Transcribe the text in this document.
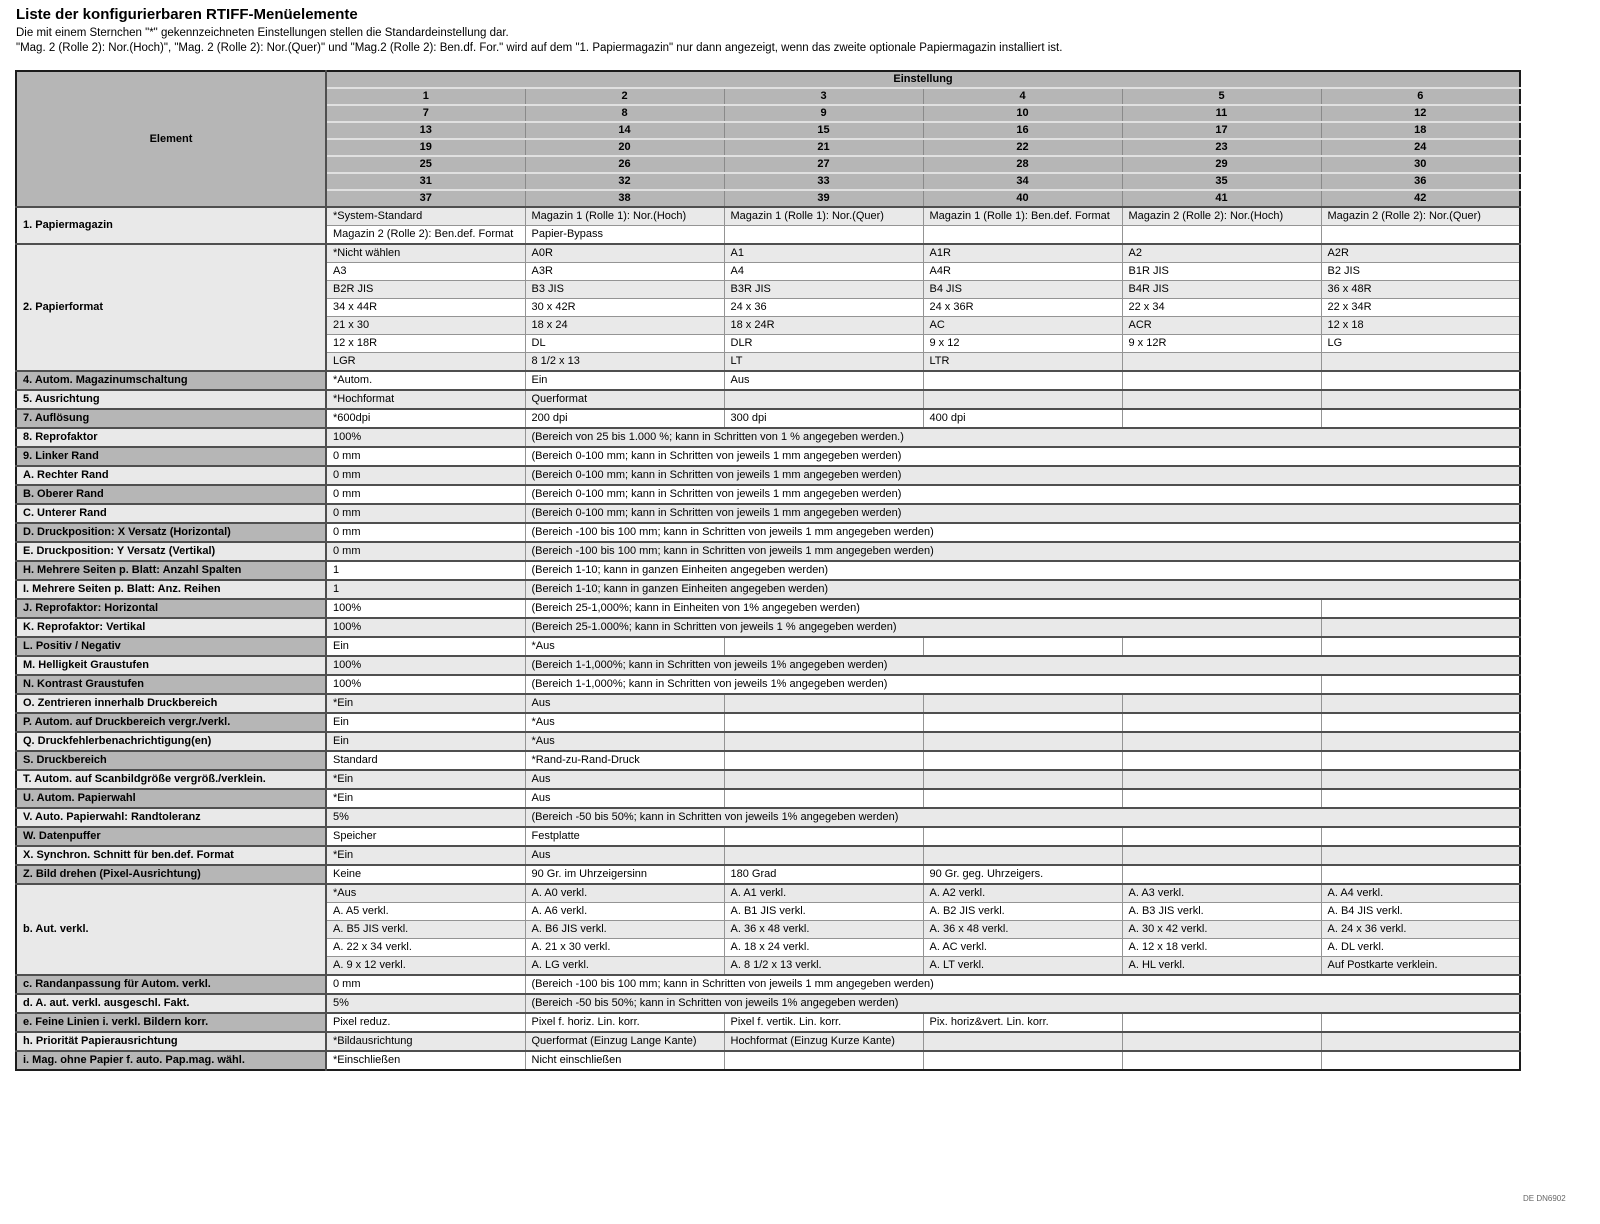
Liste der konfigurierbaren RTIFF-Menüelemente
Die mit einem Sternchen "*" gekennzeichneten Einstellungen stellen die Standardeinstellung dar.
"Mag. 2 (Rolle 2): Nor.(Hoch)", "Mag. 2 (Rolle 2): Nor.(Quer)" und "Mag.2 (Rolle 2): Ben.df. For." wird auf dem "1. Papiermagazin" nur dann angezeigt, wenn das zweite optionale Papiermagazin installiert ist.
Element	Einstellung					
	1	2	3	4	5	6
	7	8	9	10	11	12
	13	14	15	16	17	18
	19	20	21	22	23	24
	25	26	27	28	29	30
	31	32	33	34	35	36
	37	38	39	40	41	42
1. Papiermagazin	*System-Standard	Magazin 1 (Rolle 1): Nor.(Hoch)	Magazin 1 (Rolle 1): Nor.(Quer)	Magazin 1 (Rolle 1): Ben.def. Format	Magazin 2 (Rolle 2): Nor.(Hoch)	Magazin 2 (Rolle 2): Nor.(Quer)
	Magazin 2 (Rolle 2): Ben.def. Format	Papier-Bypass				
2. Papierformat	*Nicht wählen	A0R	A1	A1R	A2	A2R
	A3	A3R	A4	A4R	B1R JIS	B2 JIS
	B2R JIS	B3 JIS	B3R JIS	B4 JIS	B4R JIS	36 x 48R
	34 x 44R	30 x 42R	24 x 36	24 x 36R	22 x 34	22 x 34R
	21 x 30	18 x 24	18 x 24R	AC	ACR	12 x 18
	12 x 18R	DL	DLR	9 x 12	9 x 12R	LG
	LGR	8 1/2 x 13	LT	LTR		
4. Autom. Magazinumschaltung	*Autom.	Ein	Aus			
5. Ausrichtung	*Hochformat	Querformat				
7. Auflösung	*600dpi	200 dpi	300 dpi	400 dpi		
8. Reprofaktor	100%	(Bereich von 25 bis 1.000 %; kann in Schritten von 1 % angegeben werden.)				
9. Linker Rand	0 mm	(Bereich 0-100 mm; kann in Schritten von jeweils 1 mm angegeben werden)				
A. Rechter Rand	0 mm	(Bereich 0-100 mm; kann in Schritten von jeweils 1 mm angegeben werden)				
B. Oberer Rand	0 mm	(Bereich 0-100 mm; kann in Schritten von jeweils 1 mm angegeben werden)				
C. Unterer Rand	0 mm	(Bereich 0-100 mm; kann in Schritten von jeweils 1 mm angegeben werden)				
D. Druckposition: X Versatz (Horizontal)	0 mm	(Bereich -100 bis 100 mm; kann in Schritten von jeweils 1 mm angegeben werden)				
E. Druckposition: Y Versatz (Vertikal)	0 mm	(Bereich -100 bis 100 mm; kann in Schritten von jeweils 1 mm angegeben werden)				
H. Mehrere Seiten p. Blatt: Anzahl Spalten	1	(Bereich 1-10; kann in ganzen Einheiten angegeben werden)				
I. Mehrere Seiten p. Blatt: Anz. Reihen	1	(Bereich 1-10; kann in ganzen Einheiten angegeben werden)				
J. Reprofaktor: Horizontal	100%	(Bereich 25-1,000%; kann in Einheiten von 1% angegeben werden)				
K. Reprofaktor: Vertikal	100%	(Bereich 25-1.000%; kann in Schritten von jeweils 1 % angegeben werden)				
L. Positiv / Negativ	Ein	*Aus				
M. Helligkeit Graustufen	100%	(Bereich 1-1,000%; kann in Schritten von jeweils 1% angegeben werden)				
N. Kontrast Graustufen	100%	(Bereich 1-1,000%; kann in Schritten von jeweils 1% angegeben werden)				
O. Zentrieren innerhalb Druckbereich	*Ein	Aus				
P. Autom. auf Druckbereich vergr./verkl.	Ein	*Aus				
Q. Druckfehlerbenachrichtigung(en)	Ein	*Aus				
S. Druckbereich	Standard	*Rand-zu-Rand-Druck				
T. Autom. auf Scanbildgröße vergröß./verklein.	*Ein	Aus				
U. Autom. Papierwahl	*Ein	Aus				
V. Auto. Papierwahl: Randtoleranz	5%	(Bereich -50 bis 50%; kann in Schritten von jeweils 1% angegeben werden)				
W. Datenpuffer	Speicher	Festplatte				
X. Synchron. Schnitt für ben.def. Format	*Ein	Aus				
Z. Bild drehen (Pixel-Ausrichtung)	Keine	90 Gr. im Uhrzeigersinn	180 Grad	90 Gr. geg. Uhrzeigers.		
b. Aut. verkl.	*Aus	A. A0 verkl.	A. A1 verkl.	A. A2 verkl.	A. A3 verkl.	A. A4 verkl.
	A. A5 verkl.	A. A6 verkl.	A. B1 JIS verkl.	A. B2 JIS verkl.	A. B3 JIS verkl.	A. B4 JIS verkl.
	A. B5 JIS verkl.	A. B6 JIS verkl.	A. 36 x 48 verkl.	A. 36 x 48 verkl.	A. 30 x 42 verkl.	A. 24 x 36 verkl.
	A. 22 x 34 verkl.	A. 21 x 30 verkl.	A. 18 x 24 verkl.	A. AC verkl.	A. 12 x 18 verkl.	A. DL verkl.
	A. 9 x 12 verkl.	A. LG verkl.	A. 8 1/2 x 13 verkl.	A. LT verkl.	A. HL verkl.	Auf Postkarte verklein.
c. Randanpassung für Autom. verkl.	0 mm	(Bereich -100 bis 100 mm; kann in Schritten von jeweils 1 mm angegeben werden)				
d. A. aut. verkl. ausgeschl. Fakt.	5%	(Bereich -50 bis 50%; kann in Schritten von jeweils 1% angegeben werden)				
e. Feine Linien i. verkl. Bildern korr.	Pixel reduz.	Pixel f. horiz. Lin. korr.	Pixel f. vertik. Lin. korr.	Pix. horiz&vert. Lin. korr.		
h. Priorität Papierausrichtung	*Bildausrichtung	Querformat (Einzug Lange Kante)	Hochformat (Einzug Kurze Kante)			
i. Mag. ohne Papier f. auto. Pap.mag. wähl.	*Einschließen	Nicht einschließen				
DE DN6902
